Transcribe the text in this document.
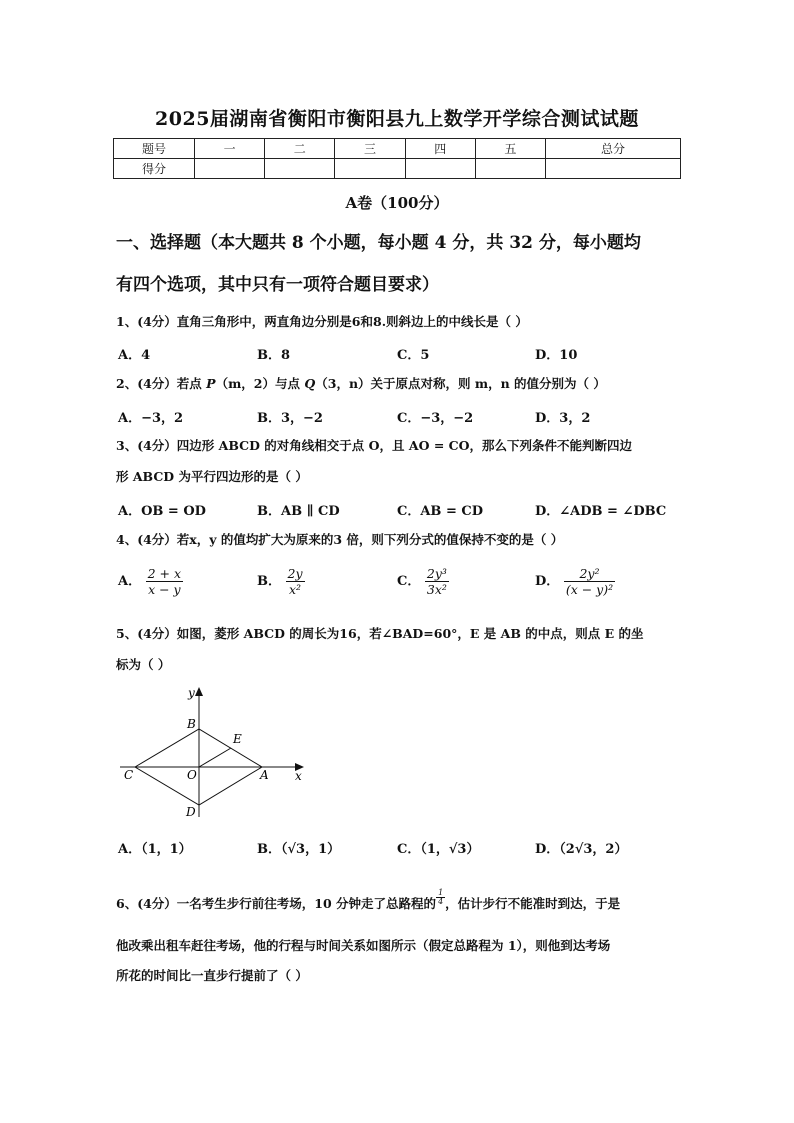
2025届湖南省衡阳市衡阳县九上数学开学综合测试试题
题号	一	二	三	四	五	总分
得分						
A卷（100分）
一、选择题（本大题共 8 个小题，每小题 4 分，共 32 分，每小题均
有四个选项，其中只有一项符合题目要求）
1、(4分）直角三角形中，两直角边分别是6和8.则斜边上的中线长是（ ）
A．4	B．8	C．5	D．10
2、(4分）若点 P（m，2）与点 Q（3，n）关于原点对称，则 m，n 的值分别为（ ）
A．−3，2	B．3，−2	C．−3，−2	D．3，2
3、(4分）四边形 ABCD 的对角线相交于点 O，且 AO = CO，那么下列条件不能判断四边
形 ABCD 为平行四边形的是（ ）
A．OB = OD	B．AB ∥ CD	C．AB = CD	D．∠ADB = ∠DBC
4、(4分）若x，y 的值均扩大为原来的3 倍，则下列分式的值保持不变的是（ ）
A． $\frac{2 + x}{x - y}$	B． $\frac{2y}{\text{x²}}$	C． $\frac{\text{2y³}}{\text{3x²}}$	D． $\frac{\text{2y²}}{\text{(x − y)²}}$
5、(4分）如图，菱形 ABCD 的周长为16，若∠BAD=60°，E 是 AB 的中点，则点 E 的坐
标为（ ）
y
x
B
E
C	O	A
D
A．（1，1）	B．（√3，1）	C．（1，√3）	D．（2√3，2）
6、(4分）一名考生步行前往考场，10 分钟走了总路程的 $\frac{1}{4}$ ，估计步行不能准时到达，于是
他改乘出租车赶往考场，他的行程与时间关系如图所示（假定总路程为 1），则他到达考场
所花的时间比一直步行提前了（ ）
